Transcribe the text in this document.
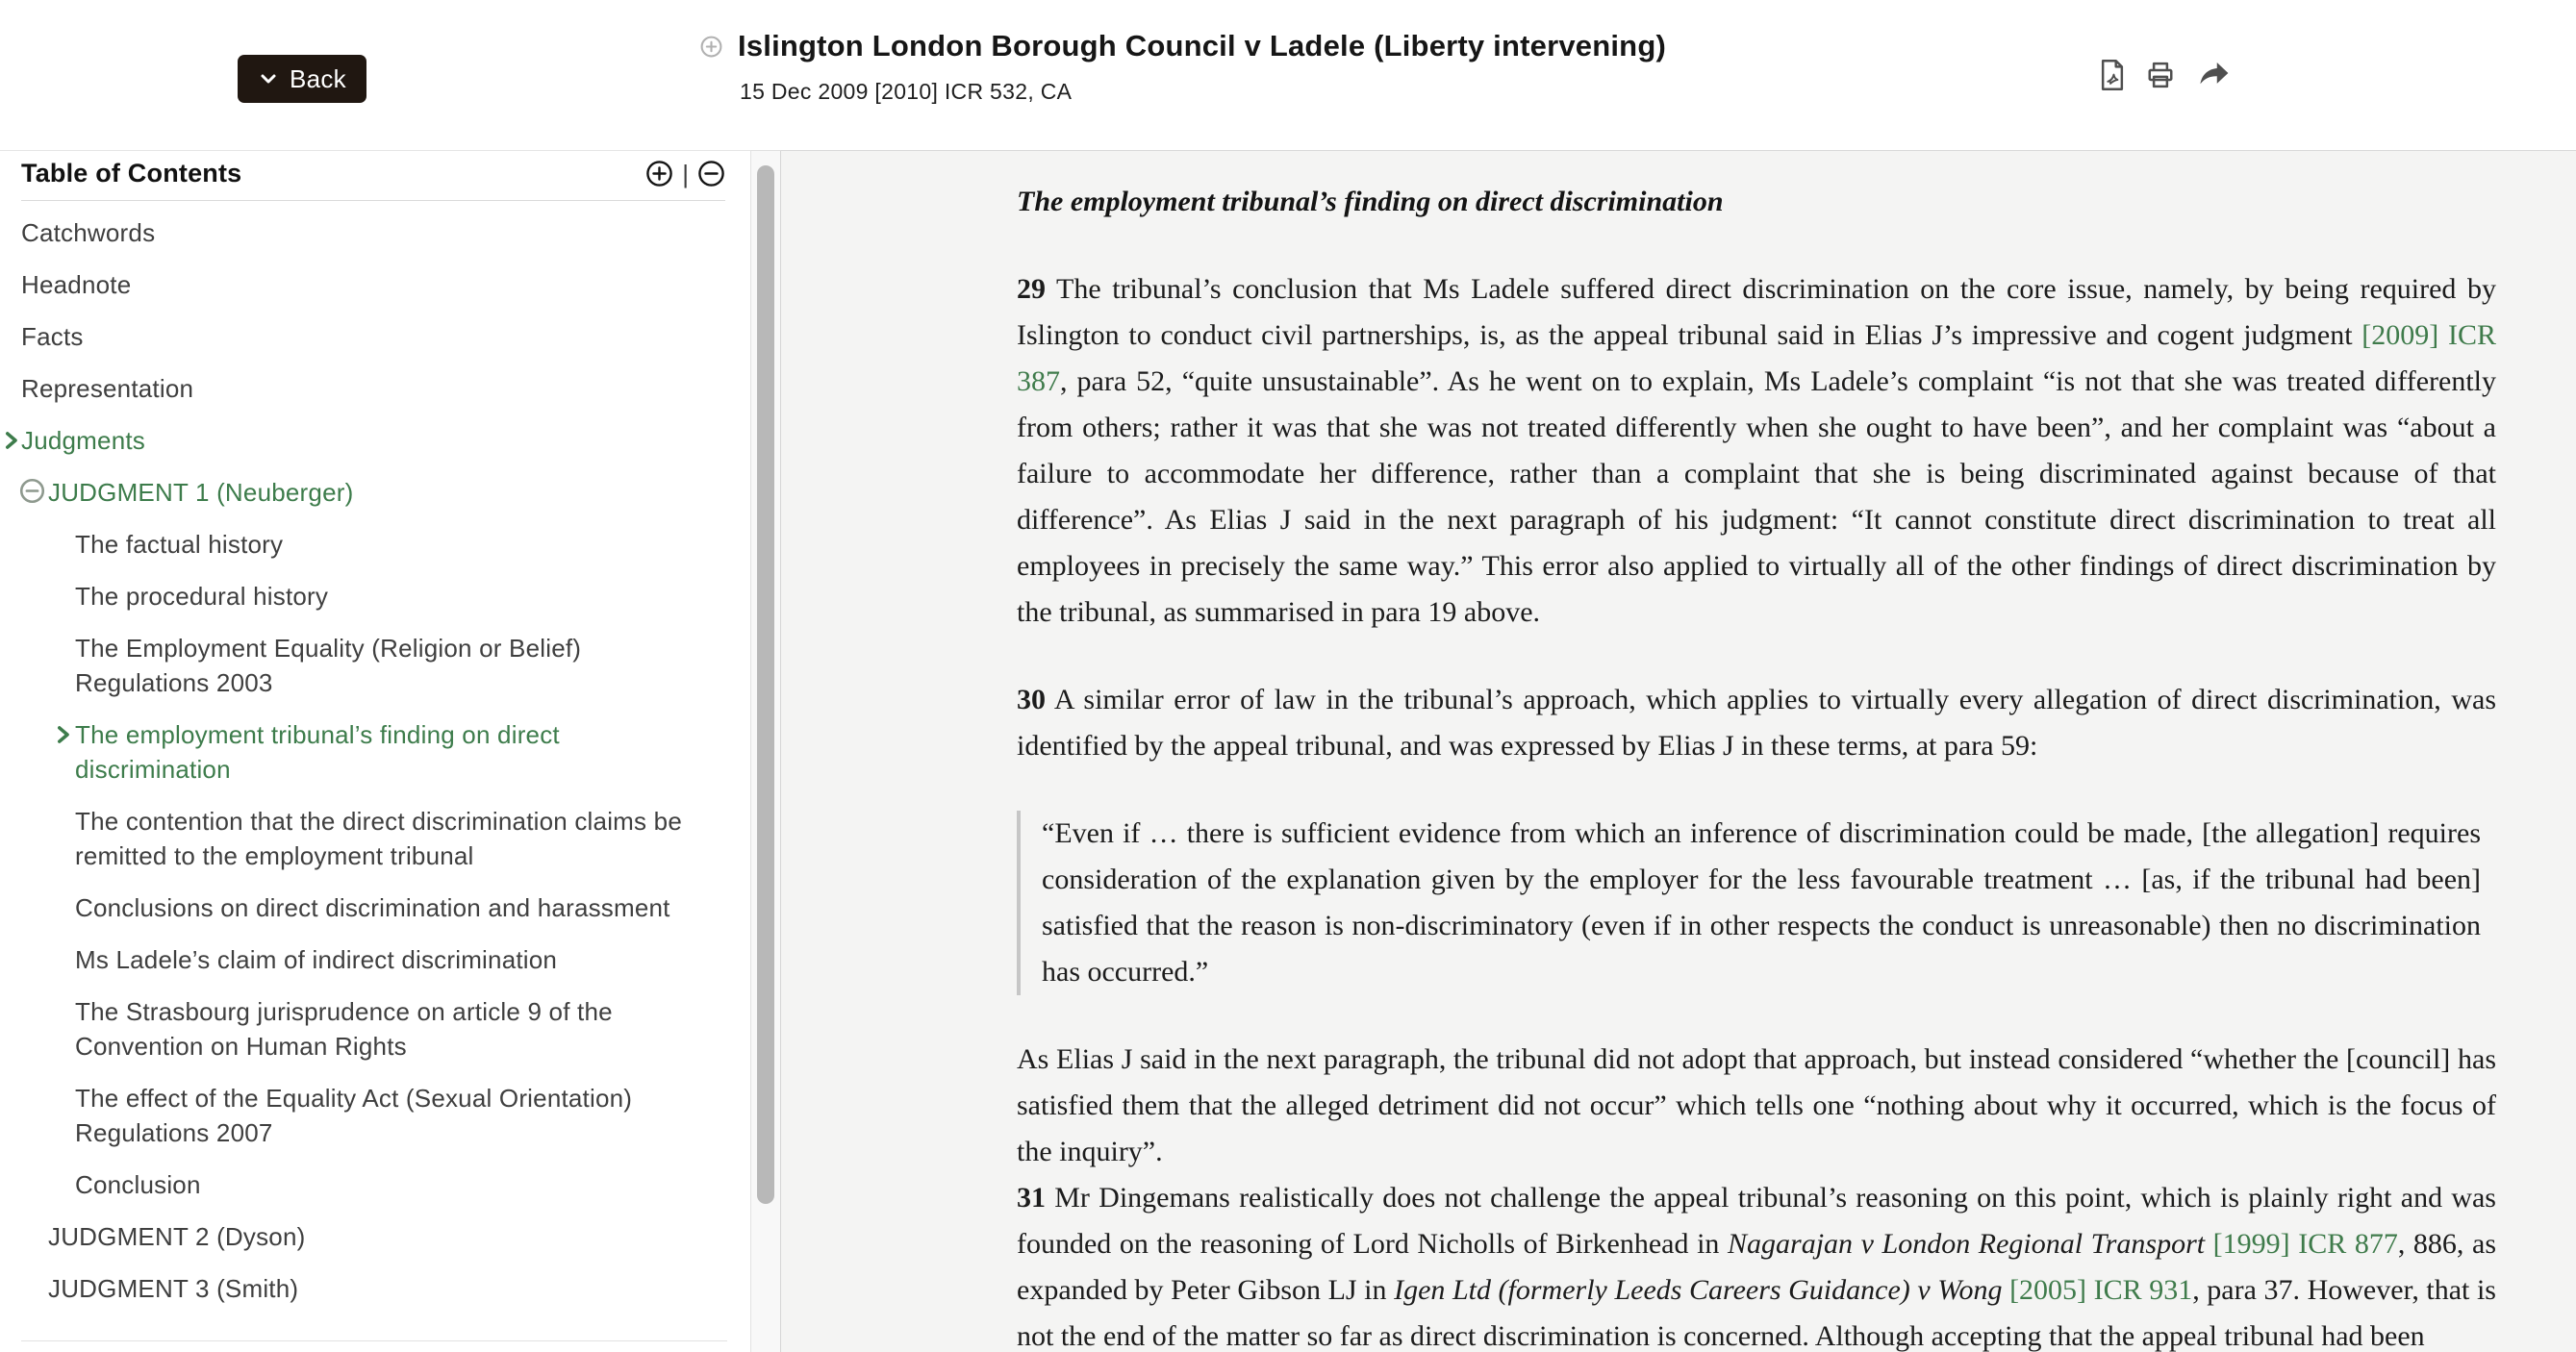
Back
Islington London Borough Council v Ladele (Liberty intervening)
15 Dec 2009 [2010] ICR 532, CA
Table of Contents	|
Catchwords
Headnote
Facts
Representation
Judgments
JUDGMENT 1 (Neuberger)
The factual history
The procedural history
The Employment Equality (Religion or Belief) Regulations 2003
The employment tribunal’s finding on direct discrimination
The contention that the direct discrimination claims be remitted to the employment tribunal
Conclusions on direct discrimination and harassment
Ms Ladele’s claim of indirect discrimination
The Strasbourg jurisprudence on article 9 of the Convention on Human Rights
The effect of the Equality Act (Sexual Orientation) Regulations 2007
Conclusion
JUDGMENT 2 (Dyson)
JUDGMENT 3 (Smith)
The employment tribunal’s finding on direct discrimination

29 The tribunal’s conclusion that Ms Ladele suffered direct discrimination on the core issue, namely, by being required by Islington to conduct civil partnerships, is, as the appeal tribunal said in Elias J’s impressive and cogent judgment [2009] ICR 387, para 52, “quite unsustainable”. As he went on to explain, Ms Ladele’s complaint “is not that she was treated differently from others; rather it was that she was not treated differently when she ought to have been”, and her complaint was “about a failure to accommodate her difference, rather than a complaint that she is being discriminated against because of that difference”. As Elias J said in the next paragraph of his judgment: “It cannot constitute direct discrimination to treat all employees in precisely the same way.” This error also applied to virtually all of the other findings of direct discrimination by the tribunal, as summarised in para 19 above.

30 A similar error of law in the tribunal’s approach, which applies to virtually every allegation of direct discrimination, was identified by the appeal tribunal, and was expressed by Elias J in these terms, at para 59:

“Even if … there is sufficient evidence from which an inference of discrimination could be made, [the allegation] requires consideration of the explanation given by the employer for the less favourable treatment … [as, if the tribunal had been] satisfied that the reason is non-discriminatory (even if in other respects the conduct is unreasonable) then no discrimination has occurred.”

As Elias J said in the next paragraph, the tribunal did not adopt that approach, but instead considered “whether the [council] has satisfied them that the alleged detriment did not occur” which tells one “nothing about why it occurred, which is the focus of the inquiry”.

31 Mr Dingemans realistically does not challenge the appeal tribunal’s reasoning on this point, which is plainly right and was founded on the reasoning of Lord Nicholls of Birkenhead in Nagarajan v London Regional Transport [1999] ICR 877, 886, as expanded by Peter Gibson LJ in Igen Ltd (formerly Leeds Careers Guidance) v Wong [2005] ICR 931, para 37. However, that is not the end of the matter so far as direct discrimination is concerned. Although accepting that the appeal tribunal had been
